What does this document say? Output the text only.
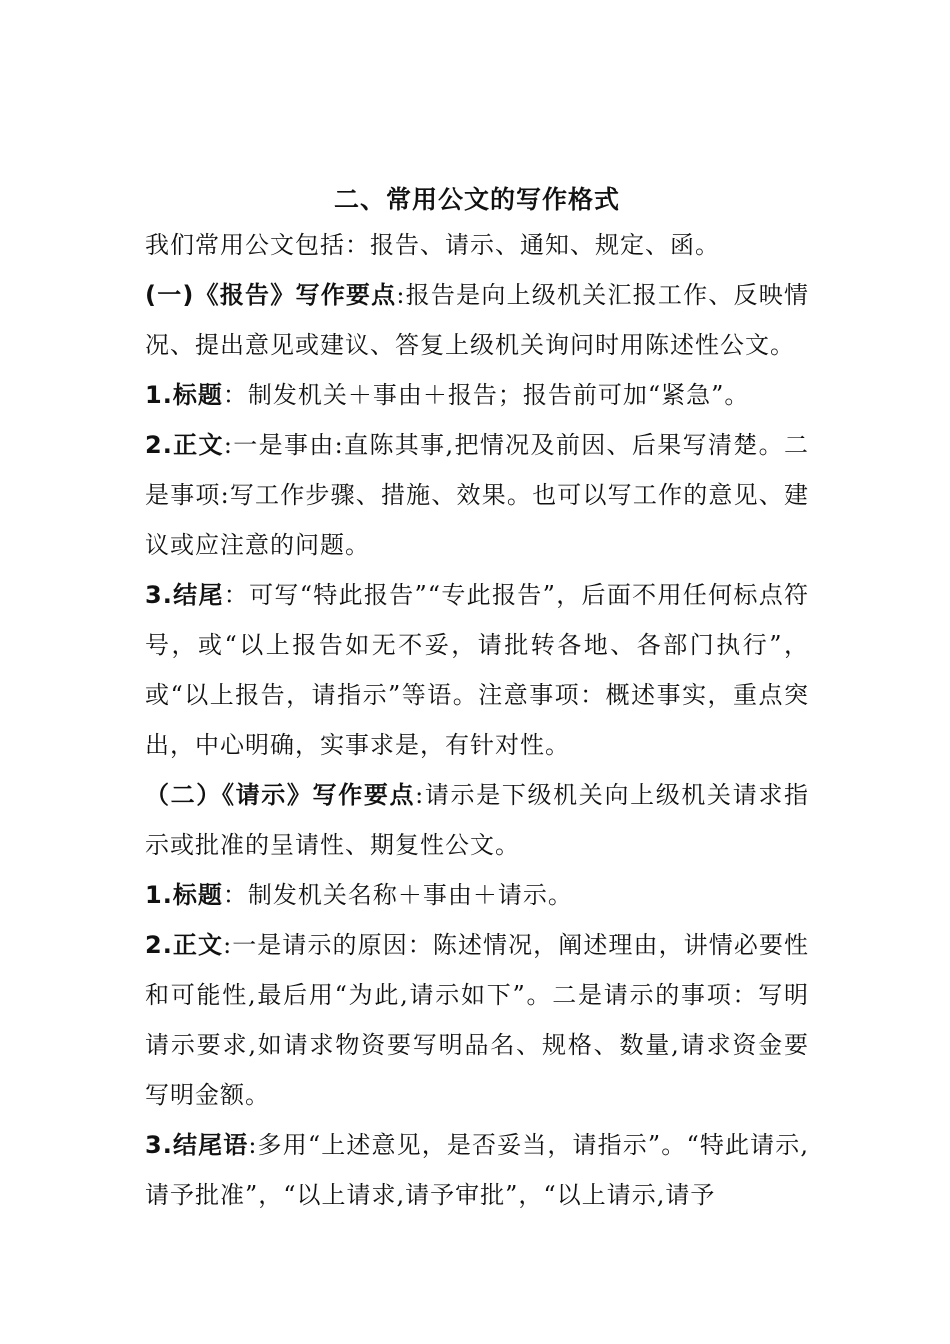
二、常用公文的写作格式

我们常用公文包括：报告、请示、通知、规定、函。

(一)《报告》写作要点:报告是向上级机关汇报工作、反映情况、提出意见或建议、答复上级机关询问时用陈述性公文。

1.标题：制发机关＋事由＋报告；报告前可加“紧急”。

2.正文:一是事由:直陈其事,把情况及前因、后果写清楚。二是事项:写工作步骤、措施、效果。也可以写工作的意见、建议或应注意的问题。

3.结尾：可写“特此报告”“专此报告”，后面不用任何标点符号，或“以上报告如无不妥，请批转各地、各部门执行”，或“以上报告，请指示”等语。注意事项：概述事实，重点突出，中心明确，实事求是，有针对性。

（二）《请示》写作要点:请示是下级机关向上级机关请求指示或批准的呈请性、期复性公文。

1.标题：制发机关名称＋事由＋请示。

2.正文:一是请示的原因：陈述情况，阐述理由，讲情必要性和可能性,最后用“为此,请示如下”。二是请示的事项：写明请示要求,如请求物资要写明品名、规格、数量,请求资金要写明金额。

3.结尾语:多用“上述意见，是否妥当，请指示”。“特此请示,请予批准”，“以上请求,请予审批”，“以上请示,请予
